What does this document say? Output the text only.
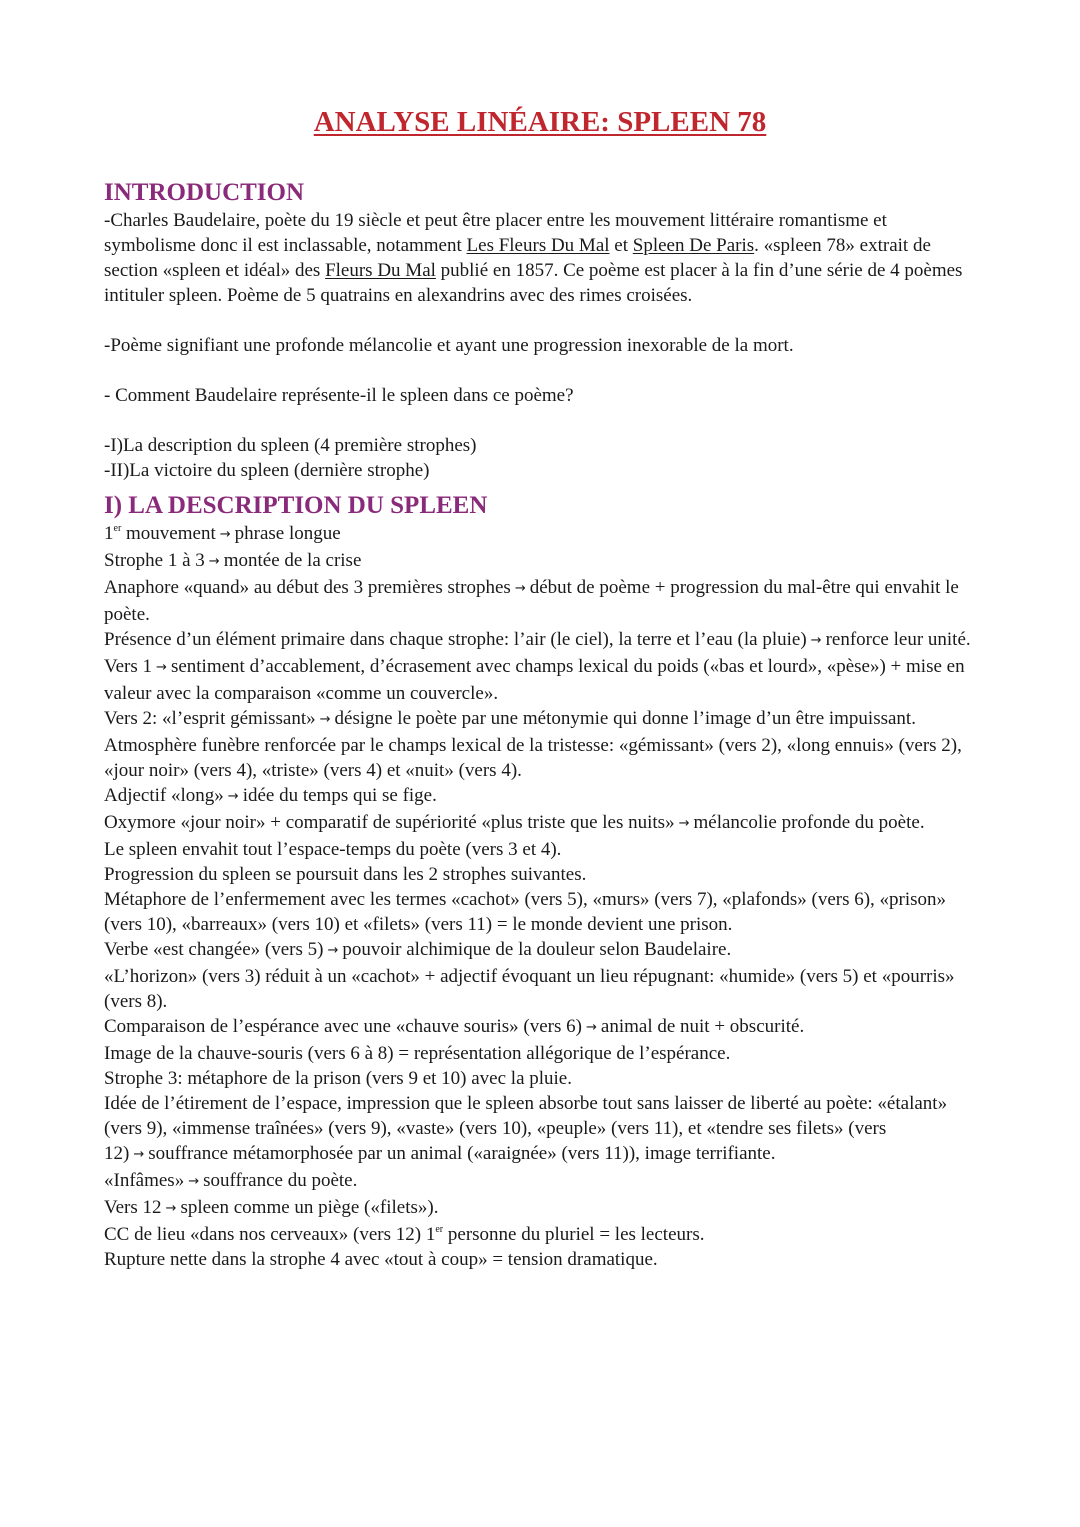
ANALYSE LINÉAIRE: SPLEEN 78
INTRODUCTION

-Charles Baudelaire, poète du 19 siècle et peut être placer entre les mouvement littéraire romantisme et symbolisme donc il est inclassable, notamment Les Fleurs Du Mal et Spleen De Paris. «spleen 78» extrait de section «spleen et idéal» des Fleurs Du Mal publié en 1857. Ce poème est placer à la fin d’une série de 4 poèmes intituler spleen. Poème de 5 quatrains en alexandrins avec des rimes croisées.

-Poème signifiant une profonde mélancolie et ayant une progression inexorable de la mort.

- Comment Baudelaire représente-il le spleen dans ce poème?

-I)La description du spleen (4 première strophes)

-II)La victoire du spleen (dernière strophe)

I) LA DESCRIPTION DU SPLEEN

1er mouvement → phrase longue

Strophe 1 à 3 → montée de la crise

Anaphore «quand» au début des 3 premières strophes → début de poème + progression du mal-être qui envahit le poète.

Présence d’un élément primaire dans chaque strophe: l’air (le ciel), la terre et l’eau (la pluie) → renforce leur unité.

Vers 1 → sentiment d’accablement, d’écrasement avec champs lexical du poids («bas et lourd», «pèse») + mise en valeur avec la comparaison «comme un couvercle».

Vers 2: «l’esprit gémissant» → désigne le poète par une métonymie qui donne l’image d’un être impuissant.

Atmosphère funèbre renforcée par le champs lexical de la tristesse: «gémissant» (vers 2), «long ennuis» (vers 2), «jour noir» (vers 4), «triste» (vers 4) et «nuit» (vers 4).

Adjectif «long» → idée du temps qui se fige.

Oxymore «jour noir» + comparatif de supériorité «plus triste que les nuits» → mélancolie profonde du poète.

Le spleen envahit tout l’espace-temps du poète (vers 3 et 4).

Progression du spleen se poursuit dans les 2 strophes suivantes.

Métaphore de l’enfermement avec les termes «cachot» (vers 5), «murs» (vers 7), «plafonds» (vers 6), «prison» (vers 10), «barreaux» (vers 10) et «filets» (vers 11) = le monde devient une prison.

Verbe «est changée» (vers 5) → pouvoir alchimique de la douleur selon Baudelaire.

«L’horizon» (vers 3) réduit à un «cachot» + adjectif évoquant un lieu répugnant: «humide» (vers 5) et «pourris» (vers 8).

Comparaison de l’espérance avec une «chauve souris» (vers 6) → animal de nuit + obscurité.

Image de la chauve-souris (vers 6 à 8) = représentation allégorique de l’espérance.

Strophe 3: métaphore de la prison (vers 9 et 10) avec la pluie.

Idée de l’étirement de l’espace, impression que le spleen absorbe tout sans laisser de liberté au poète: «étalant» (vers 9), «immense traînées» (vers 9), «vaste» (vers 10), «peuple» (vers 11), et «tendre ses filets» (vers 12) → souffrance métamorphosée par un animal («araignée» (vers 11)), image terrifiante.

«Infâmes» → souffrance du poète.

Vers 12 → spleen comme un piège («filets»).

CC de lieu «dans nos cerveaux» (vers 12) 1er personne du pluriel = les lecteurs.

Rupture nette dans la strophe 4 avec «tout à coup» = tension dramatique.
